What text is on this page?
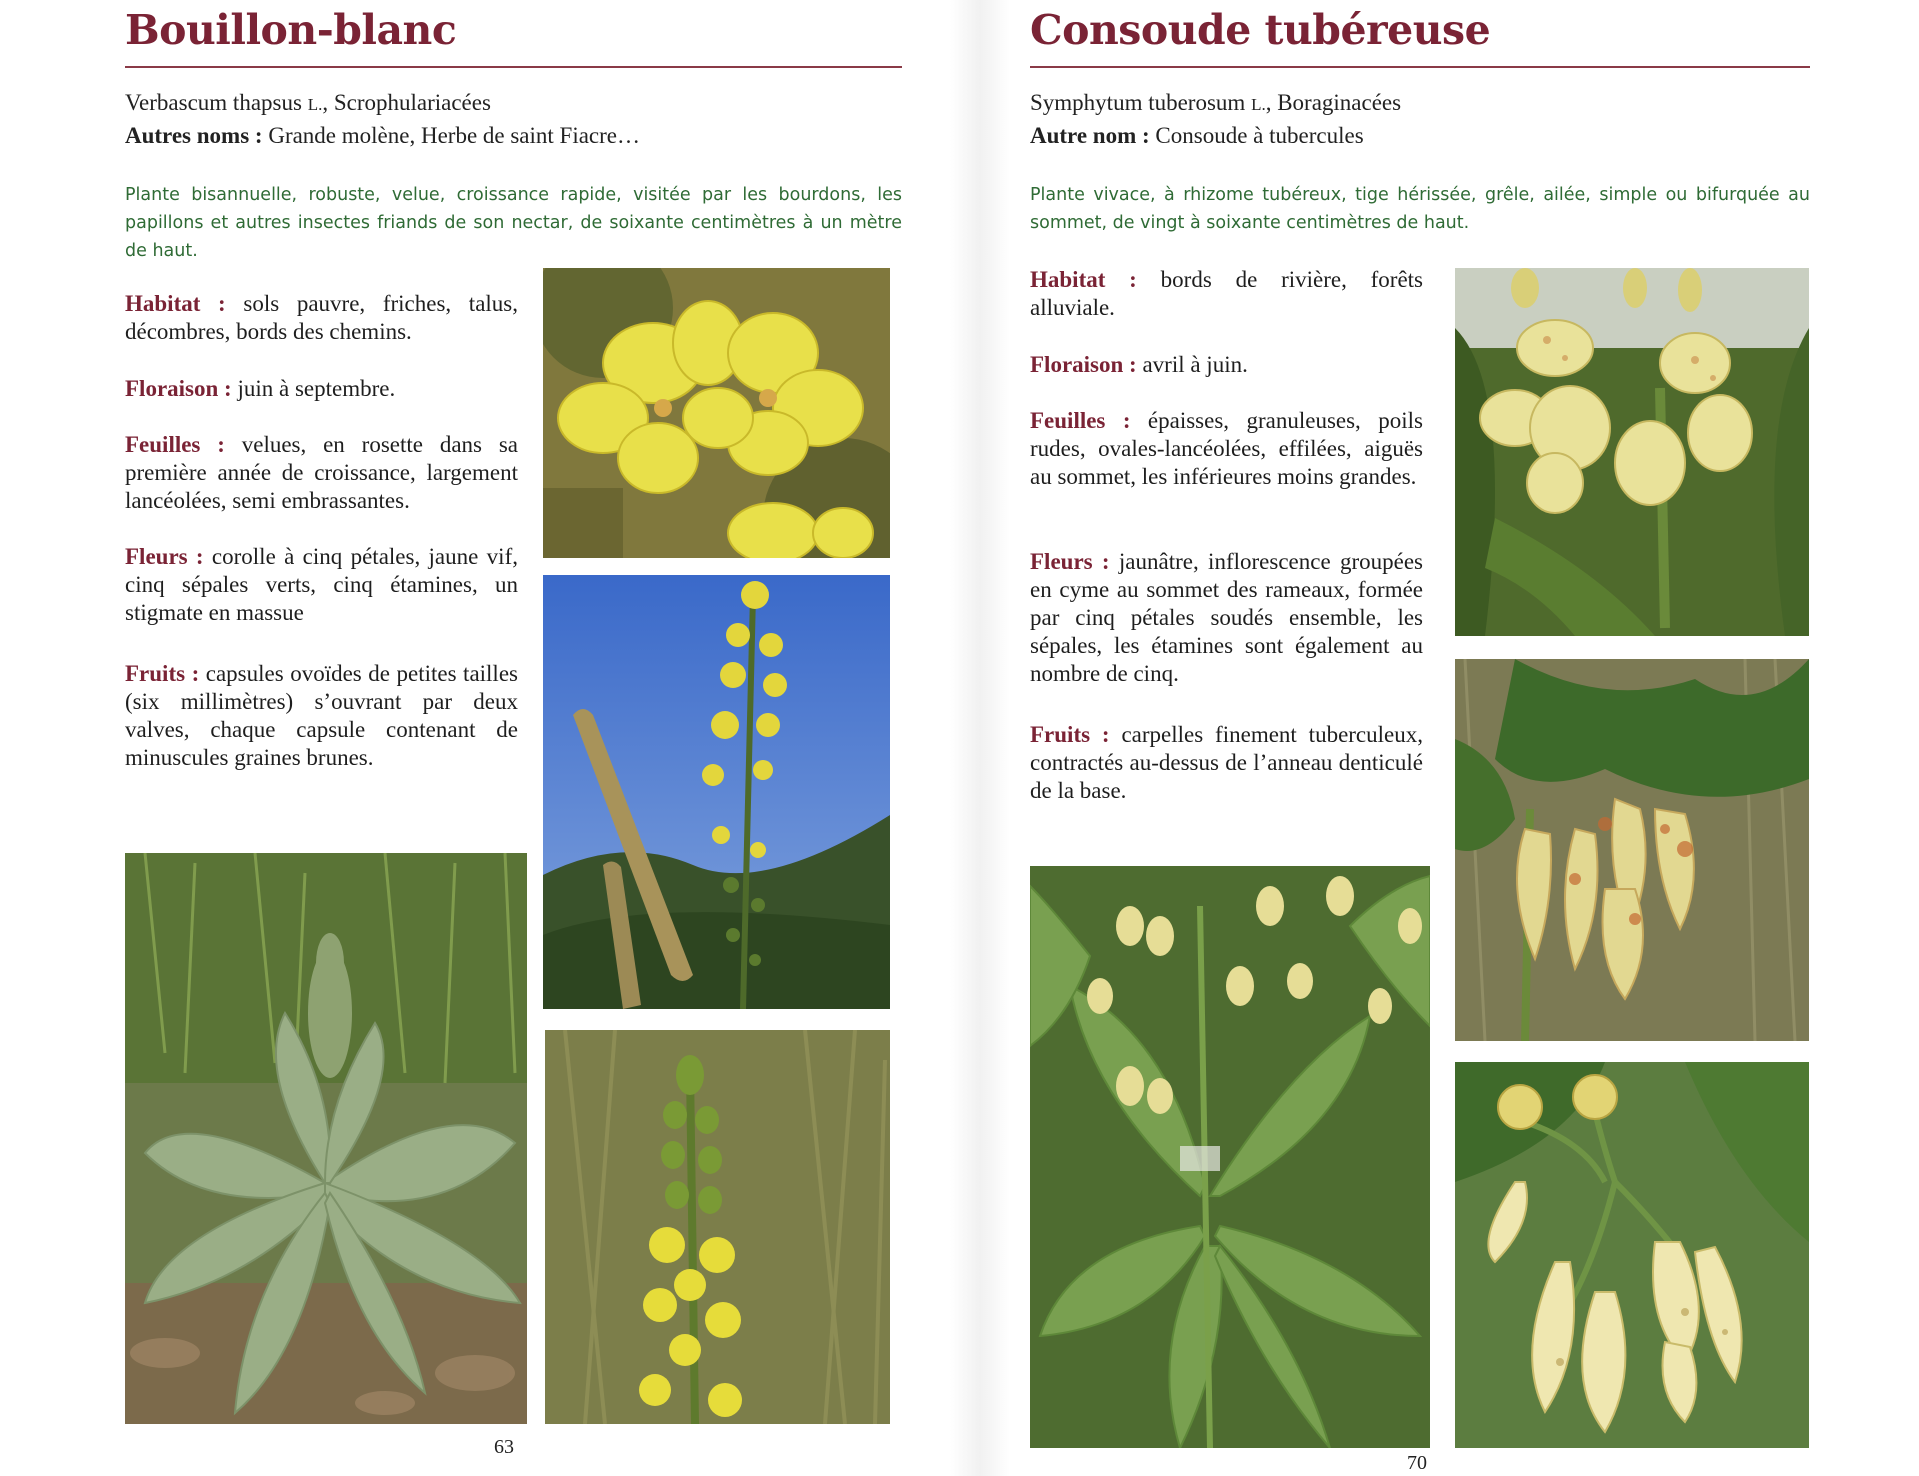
Bouillon-blanc
Verbascum thapsus L., Scrophulariacées
Autres noms : Grande molène, Herbe de saint Fiacre…

Plante bisannuelle, robuste, velue, croissance rapide, visitée par les bourdons, les papillons et autres insectes friands de son nectar, de soixante centimètres à un mètre de haut.

Habitat : sols pauvre, friches, talus, décombres, bords des chemins.

Floraison : juin à septembre.

Feuilles : velues, en rosette dans sa première année de croissance, largement lancéolées, semi embrassantes.

Fleurs : corolle à cinq pétales, jaune vif, cinq sépales verts, cinq étamines, un stigmate en massue

Fruits : capsules ovoïdes de petites tailles (six millimètres) s’ouvrant par deux valves, chaque capsule contenant de minuscules graines brunes.

63
Consoude tubéreuse
Symphytum tuberosum L., Boraginacées
Autre nom : Consoude à tubercules

Plante vivace, à rhizome tubéreux, tige hérissée, grêle, ailée, simple ou bifurquée au sommet, de vingt à soixante centimètres de haut.

Habitat : bords de rivière, forêts alluviale.

Floraison : avril à juin.

Feuilles : épaisses, granuleuses, poils rudes, ovales-lancéolées, effilées, aiguës au sommet, les inférieures moins grandes.

Fleurs : jaunâtre, inflorescence groupées en cyme au sommet des rameaux, formée par cinq pétales soudés ensemble, les sépales, les étamines sont également au nombre de cinq.

Fruits : carpelles finement tuberculeux, contractés au-dessus de l’anneau denticulé de la base.

70
